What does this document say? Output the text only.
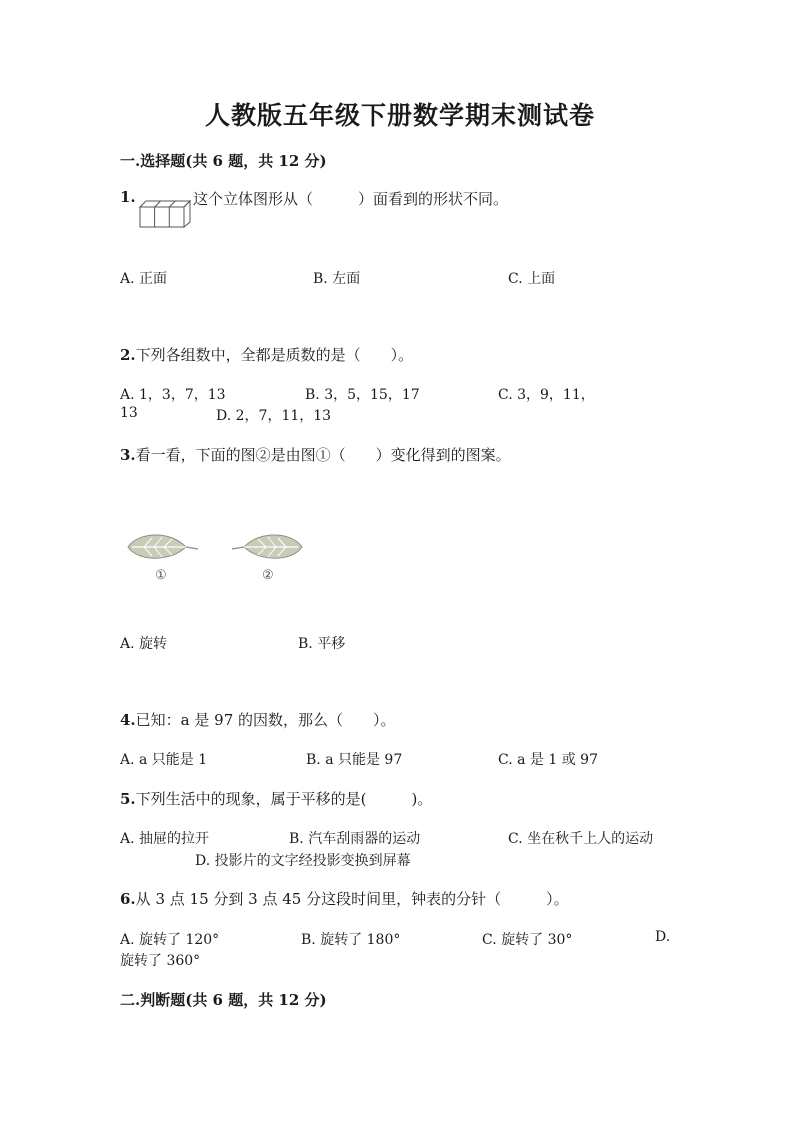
人教版五年级下册数学期末测试卷
一.选择题(共 6 题，共 12 分)
1.	这个立体图形从（　　　）面看到的形状不同。
A. 正面	B. 左面	C. 上面
2.下列各组数中，全都是质数的是（　　）。
A. 1，3，7，13	B. 3，5，15，17	C. 3，9，11，
13	D. 2，7，11，13
3.看一看，下面的图②是由图①（　　）变化得到的图案。
①	②
A. 旋转	B. 平移
4.已知：a 是 97 的因数，那么（　　）。
A. a 只能是 1	B. a 只能是 97	C. a 是 1 或 97
5.下列生活中的现象，属于平移的是(　　　)。
A. 抽屉的拉开	B. 汽车刮雨器的运动	C. 坐在秋千上人的运动
D. 投影片的文字经投影变换到屏幕
6.从 3 点 15 分到 3 点 45 分这段时间里，钟表的分针（　　　）。
A. 旋转了 120°	B. 旋转了 180°	C. 旋转了 30°	D.
旋转了 360°
二.判断题(共 6 题，共 12 分)
